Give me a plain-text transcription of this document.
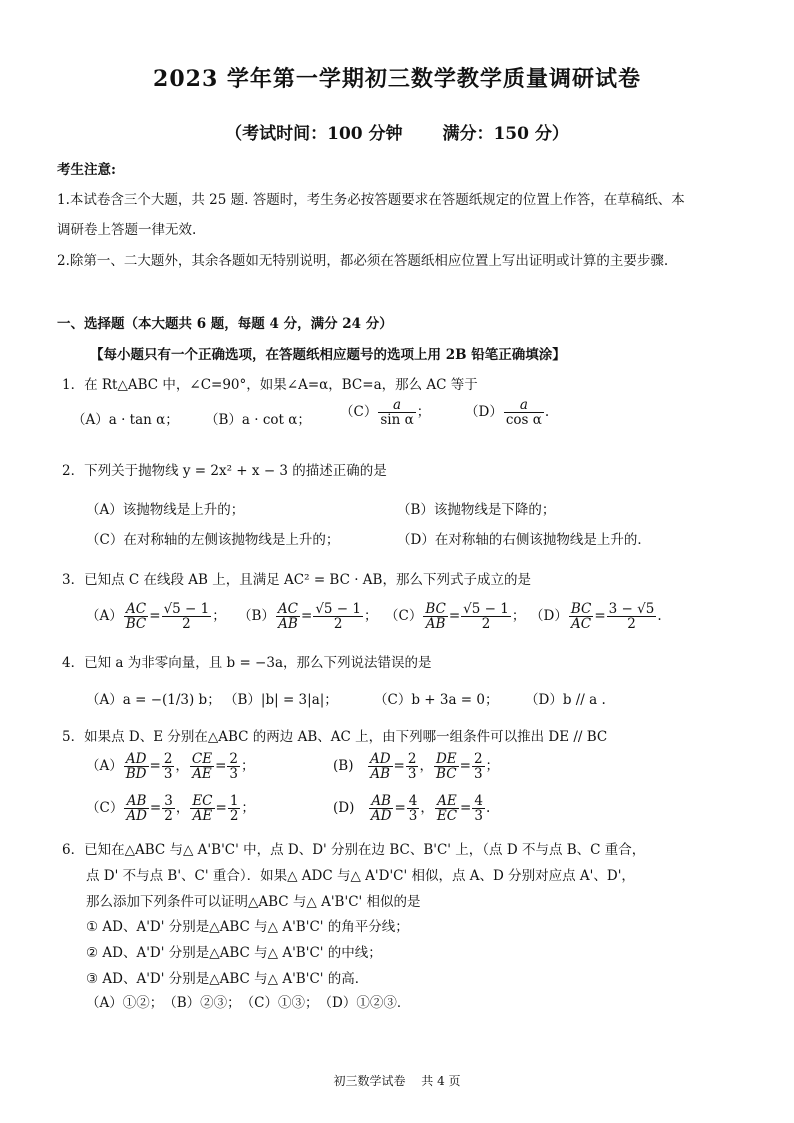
2023 学年第一学期初三数学教学质量调研试卷
（考试时间：100 分钟　　 满分：150 分）
考生注意:
1.本试卷含三个大题，共 25 题. 答题时，考生务必按答题要求在答题纸规定的位置上作答，在草稿纸、本
调研卷上答题一律无效.
2.除第一、二大题外，其余各题如无特别说明，都必须在答题纸相应位置上写出证明或计算的主要步骤.
一、选择题（本大题共 6 题，每题 4 分，满分 24 分）
【每小题只有一个正确选项，在答题纸相应题号的选项上用 2B 铅笔正确填涂】
1．在 Rt△ABC 中，∠C=90°，如果∠A=α，BC=a，那么 AC 等于
（A）a · tan α； （B）a · cot α； $(C) \frac{a}{\text{sin α}}$ ；	$(D) \frac{a}{\text{cos α}}$ .
2．下列关于抛物线 y = 2x² + x − 3 的描述正确的是
（A）该抛物线是上升的；	（B）该抛物线是下降的；
（C）在对称轴的左侧该抛物线是上升的；	（D）在对称轴的右侧该抛物线是上升的．
3．已知点 C 在线段 AB 上，且满足 AC² = BC · AB，那么下列式子成立的是
$(A) \frac{AC}{BC} = \frac{√5 - 1}{2}$ ； $(B) \frac{AC}{AB} = \frac{√5 - 1}{2}$ ； $(C) \frac{BC}{AB} = \frac{√5 - 1}{2}$ ； $(D) \frac{BC}{AC} = \frac{3 - √5}{2}$ .
4．已知 a 为非零向量，且 b = −3a，那么下列说法错误的是
（A）a = −(1/3) b； （B）|b| = 3|a|；	（C）b + 3a = 0； （D）b // a .
5．如果点 D、E 分别在△ABC 的两边 AB、AC 上，由下列哪一组条件可以推出 DE // BC
$(A) \frac{AD}{BD} = \frac{2}{3}$ ， $\frac{CE}{AE} = \frac{2}{3}$ ；	(B)　 $\frac{AD}{AB} = \frac{2}{3}$ ， $\frac{DE}{BC} = \frac{2}{3}$ ；
$(C) \frac{AB}{AD} = \frac{3}{2}$ ， $\frac{EC}{AE} = \frac{1}{2}$ ；	(D)　 $\frac{AB}{AD} = \frac{4}{3}$ ， $\frac{AE}{EC} = \frac{4}{3}$ .
6．已知在△ABC 与△ A'B'C' 中，点 D、D' 分别在边 BC、B'C' 上，（点 D 不与点 B、C 重合，
点 D' 不与点 B'、C' 重合）．如果△ ADC 与△ A'D'C' 相似，点 A、D 分别对应点 A'、D'，
那么添加下列条件可以证明△ABC 与△ A'B'C' 相似的是
① AD、A'D' 分别是△ABC 与△ A'B'C' 的角平分线；
② AD、A'D' 分别是△ABC 与△ A'B'C' 的中线；
③ AD、A'D' 分别是△ABC 与△ A'B'C' 的高．
（A）①②；　（B）②③；　（C）①③；　（D）①②③．
初三数学试卷　 共 4 页
